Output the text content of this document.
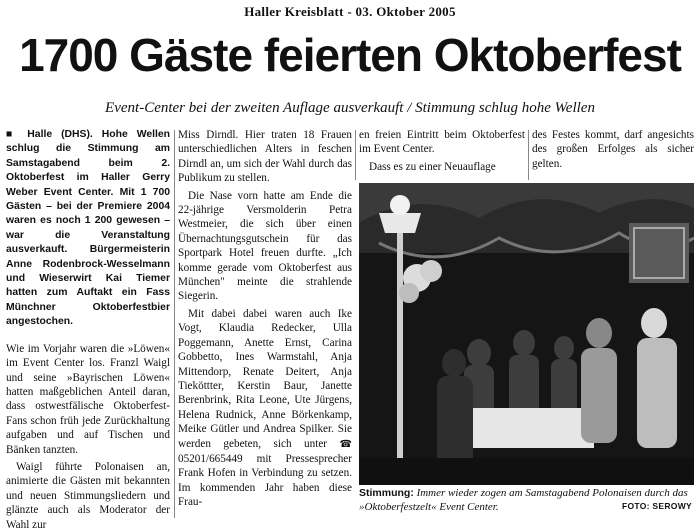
Haller Kreisblatt - 03. Oktober 2005
1700 Gäste feierten Oktoberfest
Event-Center bei der zweiten Auflage ausverkauft / Stimmung schlug hohe Wellen

■ Halle (DHS). Hohe Wellen schlug die Stimmung am Samstagabend beim 2. Oktoberfest im Haller Gerry Weber Event Center. Mit 1 700 Gästen – bei der Premiere 2004 waren es noch 1 200 gewesen – war die Veranstaltung ausverkauft. Bürgermeisterin Anne Rodenbrock-Wesselmann und Wieserwirt Kai Tiemer hatten zum Auftakt ein Fass Münchner Oktoberfestbier angestochen.

Wie im Vorjahr waren die »Löwen« im Event Center los. Franzl Waigl und seine »Bayrischen Löwen« hatten maßgeblichen Anteil daran, dass ostwestfälische Oktoberfest-Fans schon früh jede Zurückhaltung aufgaben und auf Tischen und Bänken tanzten.

Waigl führte Polonaisen an, animierte die Gästen mit bekannten und neuen Stimmungsliedern und glänzte auch als Moderator der Wahl zur

Miss Dirndl. Hier traten 18 Frauen unterschiedlichen Alters in feschen Dirndl an, um sich der Wahl durch das Publikum zu stellen.

Die Nase vorn hatte am Ende die 22-jährige Versmolderin Petra Westmeier, die sich über einen Übernachtungsgutschein für das Sportpark Hotel freuen durfte. „Ich komme gerade vom Oktoberfest aus München" meinte die strahlende Siegerin.

Mit dabei dabei waren auch Ike Vogt, Klaudia Redecker, Ulla Poggemann, Anette Ernst, Carina Gobbetto, Ines Warmstahl, Anja Mittendorp, Renate Deitert, Anja Tieköttter, Kerstin Baur, Janette Berenbrink, Rita Leone, Ute Jürgens, Helena Rudnick, Anne Börkenkamp, Meike Gütler und Andrea Spilker. Sie werden gebeten, sich unter ☎ 05201/665449 mit Pressesprecher Frank Hofen in Verbindung zu setzen. Im kommenden Jahr haben diese Frau-

en freien Eintritt beim Oktoberfest im Event Center.

Dass es zu einer Neuauflage

des Festes kommt, darf angesichts des großen Erfolges als sicher gelten.

Stimmung: Immer wieder zogen am Samstagabend Polonaisen durch das »Oktoberfestzelt« Event Center.	FOTO: SEROWY
